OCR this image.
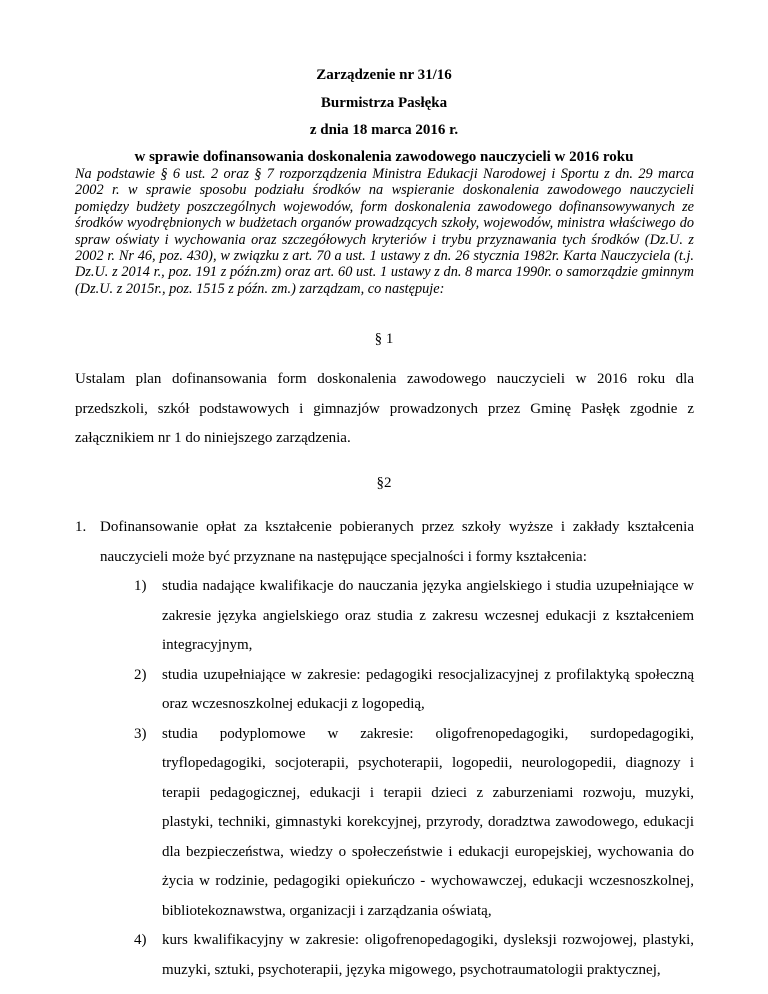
Zarządzenie nr 31/16
Burmistrza Pasłęka
z dnia 18 marca 2016 r.
w sprawie dofinansowania doskonalenia zawodowego nauczycieli w 2016 roku
Na podstawie § 6 ust. 2 oraz § 7 rozporządzenia Ministra Edukacji Narodowej i Sportu z dn. 29 marca 2002 r. w sprawie sposobu podziału środków na wspieranie doskonalenia zawodowego nauczycieli pomiędzy budżety poszczególnych wojewodów, form doskonalenia zawodowego dofinansowywanych ze środków wyodrębnionych w budżetach organów prowadzących szkoły, wojewodów, ministra właściwego do spraw oświaty i wychowania oraz szczegółowych kryteriów i trybu przyznawania tych środków (Dz.U. z 2002 r. Nr 46, poz. 430), w związku z art. 70 a ust. 1 ustawy z dn. 26 stycznia 1982r. Karta Nauczyciela (t.j. Dz.U. z 2014 r., poz. 191 z późn.zm) oraz art. 60 ust. 1 ustawy z dn. 8 marca 1990r. o samorządzie gminnym (Dz.U. z 2015r., poz. 1515 z późn. zm.) zarządzam, co następuje:
§ 1
Ustalam plan dofinansowania form doskonalenia zawodowego nauczycieli w 2016 roku dla przedszkoli, szkół podstawowych i gimnazjów prowadzonych przez Gminę Pasłęk zgodnie z załącznikiem nr 1 do niniejszego zarządzenia.
§2
1. Dofinansowanie opłat za kształcenie pobieranych przez szkoły wyższe i zakłady kształcenia nauczycieli może być przyznane na następujące specjalności i formy kształcenia:
1) studia nadające kwalifikacje do nauczania języka angielskiego i studia uzupełniające w zakresie języka angielskiego oraz studia z zakresu wczesnej edukacji z kształceniem integracyjnym,
2) studia uzupełniające w zakresie: pedagogiki resocjalizacyjnej z profilaktyką społeczną oraz wczesnoszkolnej edukacji z logopedią,
3) studia podyplomowe w zakresie: oligofrenopedagogiki, surdopedagogiki, tryflopedagogiki, socjoterapii, psychoterapii, logopedii, neurologopedii, diagnozy i terapii pedagogicznej, edukacji i terapii dzieci z zaburzeniami rozwoju, muzyki, plastyki, techniki, gimnastyki korekcyjnej, przyrody, doradztwa zawodowego, edukacji dla bezpieczeństwa, wiedzy o społeczeństwie i edukacji europejskiej, wychowania do życia w rodzinie, pedagogiki opiekuńczo - wychowawczej, edukacji wczesnoszkolnej, bibliotekoznawstwa, organizacji i zarządzania oświatą,
4) kurs kwalifikacyjny w zakresie: oligofrenopedagogiki, dysleksji rozwojowej, plastyki, muzyki, sztuki, psychoterapii, języka migowego, psychotraumatologii praktycznej,
